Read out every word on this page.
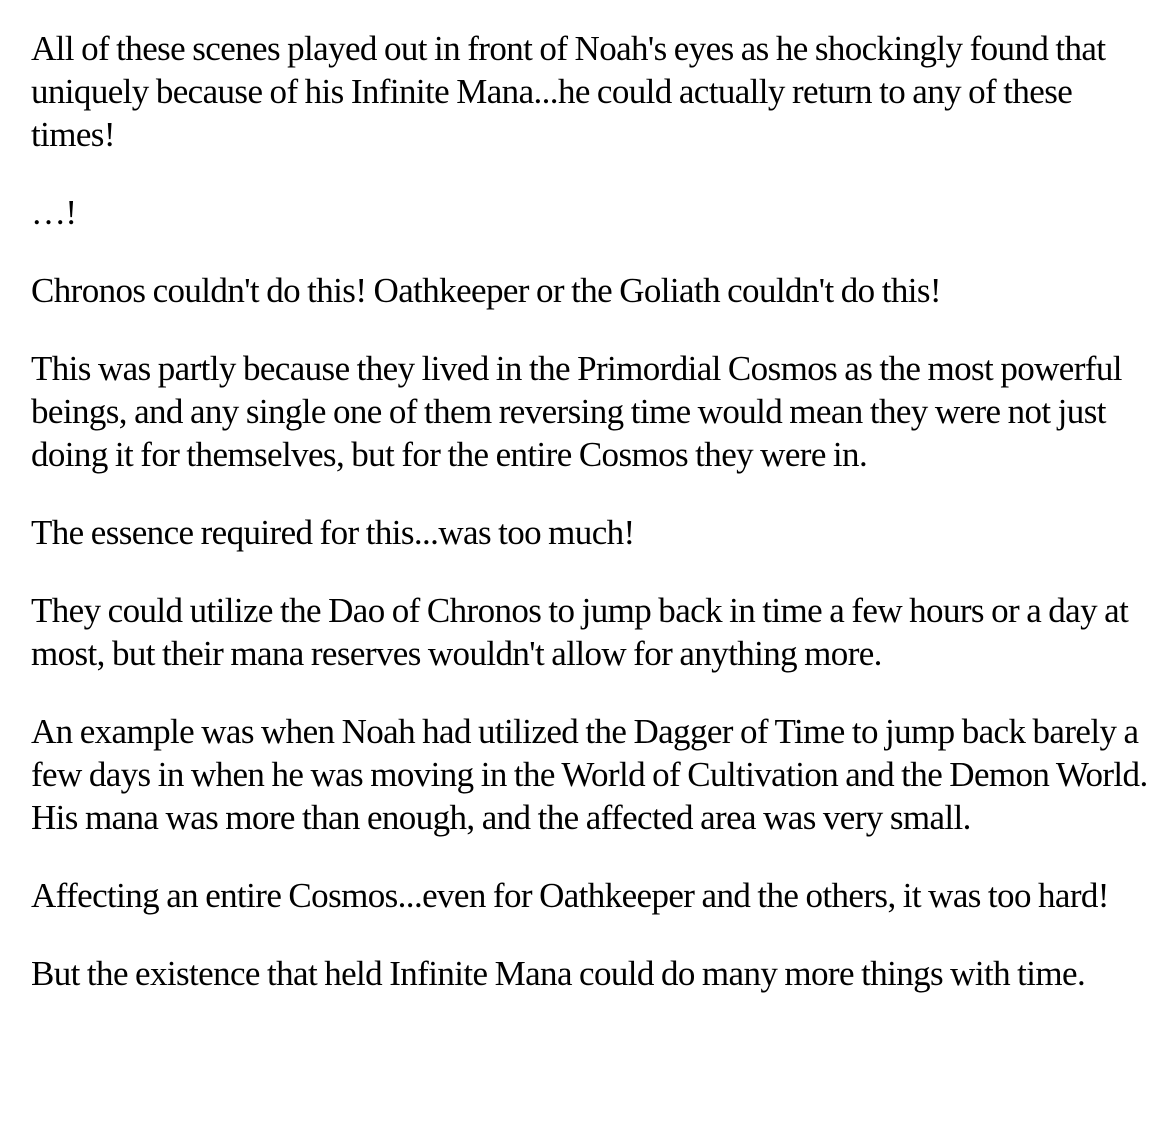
All of these scenes played out in front of Noah's eyes as he shockingly found that uniquely because of his Infinite Mana...he could actually return to any of these times!

…!

Chronos couldn't do this! Oathkeeper or the Goliath couldn't do this!

This was partly because they lived in the Primordial Cosmos as the most powerful beings, and any single one of them reversing time would mean they were not just doing it for themselves, but for the entire Cosmos they were in.

The essence required for this...was too much!

They could utilize the Dao of Chronos to jump back in time a few hours or a day at most, but their mana reserves wouldn't allow for anything more.

An example was when Noah had utilized the Dagger of Time to jump back barely a few days in when he was moving in the World of Cultivation and the Demon World. His mana was more than enough, and the affected area was very small.

Affecting an entire Cosmos...even for Oathkeeper and the others, it was too hard!

But the existence that held Infinite Mana could do many more things with time.
